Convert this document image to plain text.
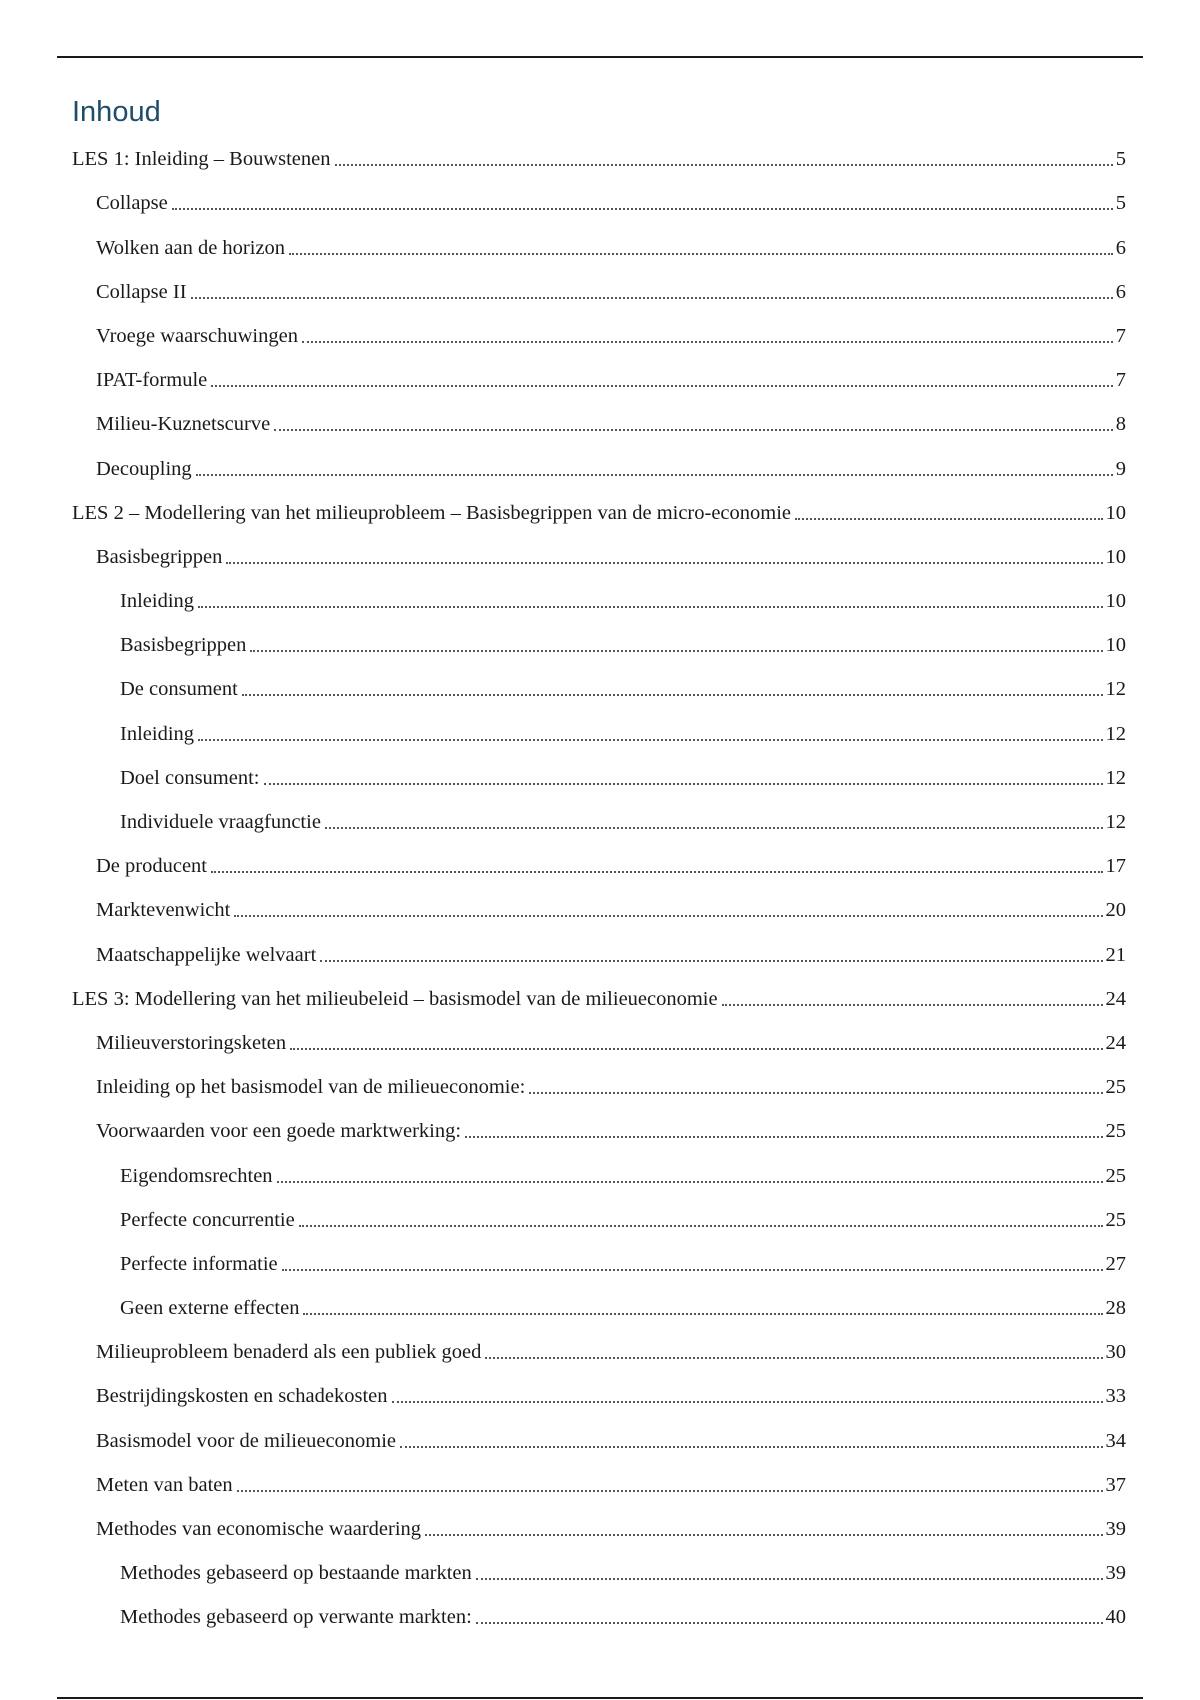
Inhoud
LES 1: Inleiding – Bouwstenen	5
Collapse	5
Wolken aan de horizon	6
Collapse II	6
Vroege waarschuwingen	7
IPAT-formule	7
Milieu-Kuznetscurve	8
Decoupling	9
LES 2 – Modellering van het milieuprobleem – Basisbegrippen van de micro-economie	10
Basisbegrippen	10
Inleiding	10
Basisbegrippen	10
De consument	12
Inleiding	12
Doel consument:	12
Individuele vraagfunctie	12
De producent	17
Marktevenwicht	20
Maatschappelijke welvaart	21
LES 3: Modellering van het milieubeleid – basismodel van de milieueconomie	24
Milieuverstoringsketen	24
Inleiding op het basismodel van de milieueconomie:	25
Voorwaarden voor een goede marktwerking:	25
Eigendomsrechten	25
Perfecte concurrentie	25
Perfecte informatie	27
Geen externe effecten	28
Milieuprobleem benaderd als een publiek goed	30
Bestrijdingskosten en schadekosten	33
Basismodel voor de milieueconomie	34
Meten van baten	37
Methodes van economische waardering	39
Methodes gebaseerd op bestaande markten	39
Methodes gebaseerd op verwante markten:	40
